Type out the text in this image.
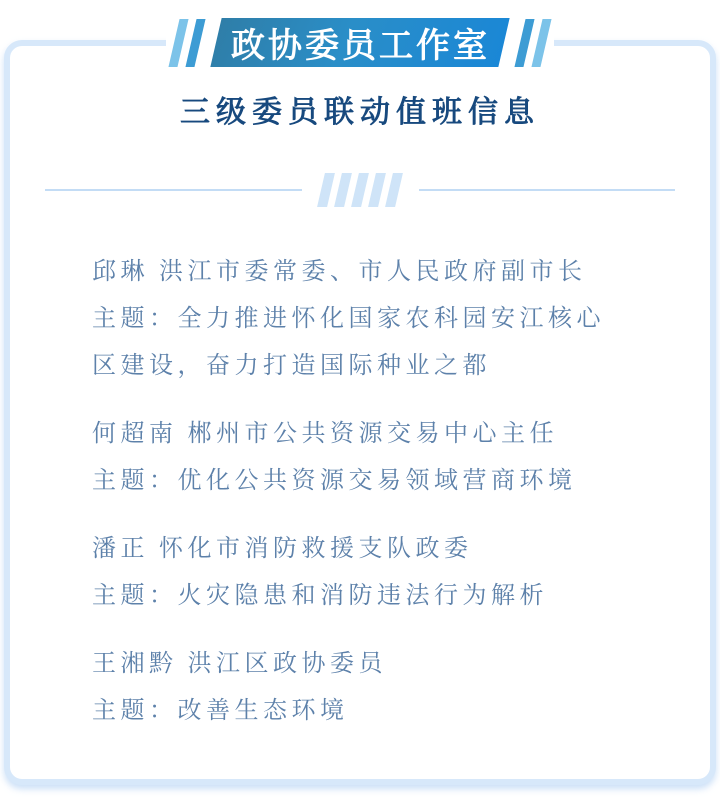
政协委员工作室
三级委员联动值班信息
邱琳 洪江市委常委、市人民政府副市长
主题：全力推进怀化国家农科园安江核心区建设，奋力打造国际种业之都
何超南 郴州市公共资源交易中心主任
主题：优化公共资源交易领域营商环境
潘正 怀化市消防救援支队政委
主题：火灾隐患和消防违法行为解析
王湘黔 洪江区政协委员
主题：改善生态环境
